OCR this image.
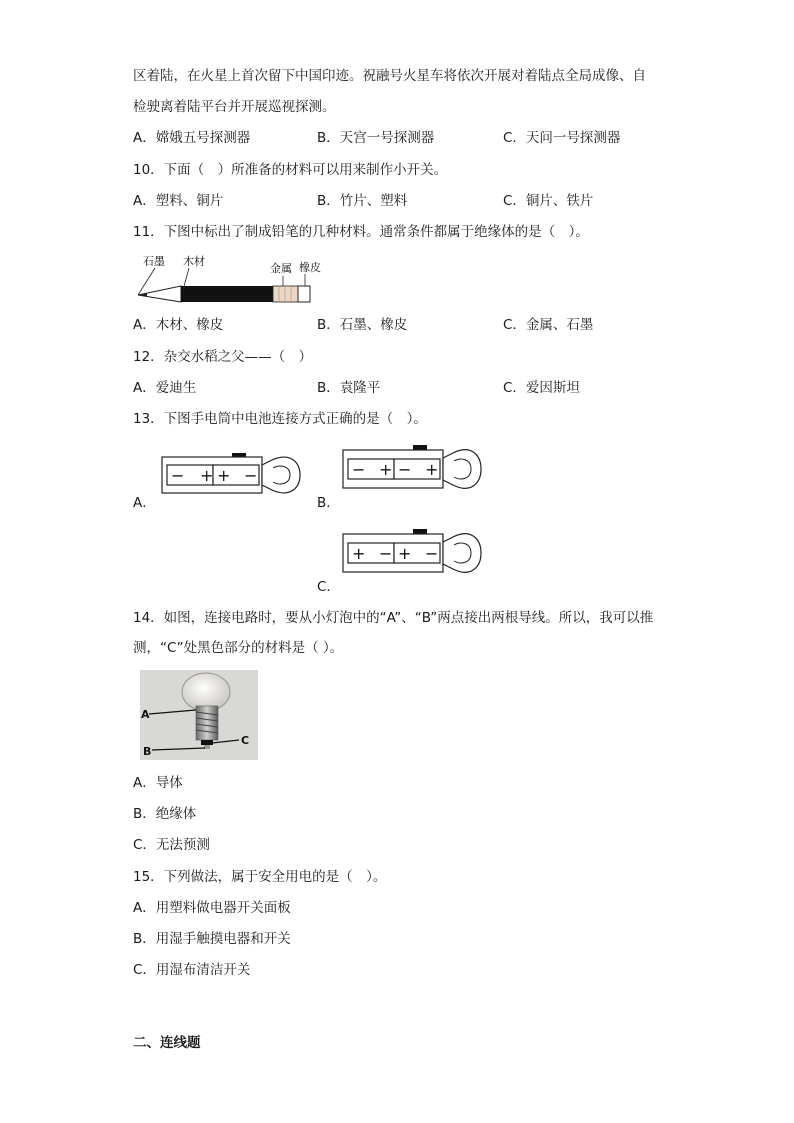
区着陆，在火星上首次留下中国印迹。祝融号火星车将依次开展对着陆点全局成像、自
检驶离着陆平台并开展巡视探测。
A．嫦娥五号探测器	B．天宫一号探测器	C．天问一号探测器
10．下面（　）所准备的材料可以用来制作小开关。
A．塑料、铜片	B．竹片、塑料	C．铜片、铁片
11．下图中标出了制成铅笔的几种材料。通常条件都属于绝缘体的是（　）。
石墨 木材
金属 橡皮
A．木材、橡皮	B．石墨、橡皮	C．金属、石墨
12．杂交水稻之父——（　）
A．爱迪生	B．袁隆平	C．爱因斯坦
13．下图手电筒中电池连接方式正确的是（　）。
A．
− + + −
B．
− + − +
C．
+ − + −
14．如图，连接电路时，要从小灯泡中的“A”、“B”两点接出两根导线。所以，我可以推
测，“C”处黑色部分的材料是（ ）。
A
B
C
A．导体
B．绝缘体
C．无法预测
15．下列做法，属于安全用电的是（　）。
A．用塑料做电器开关面板
B．用湿手触摸电器和开关
C．用湿布清洁开关
二、连线题
